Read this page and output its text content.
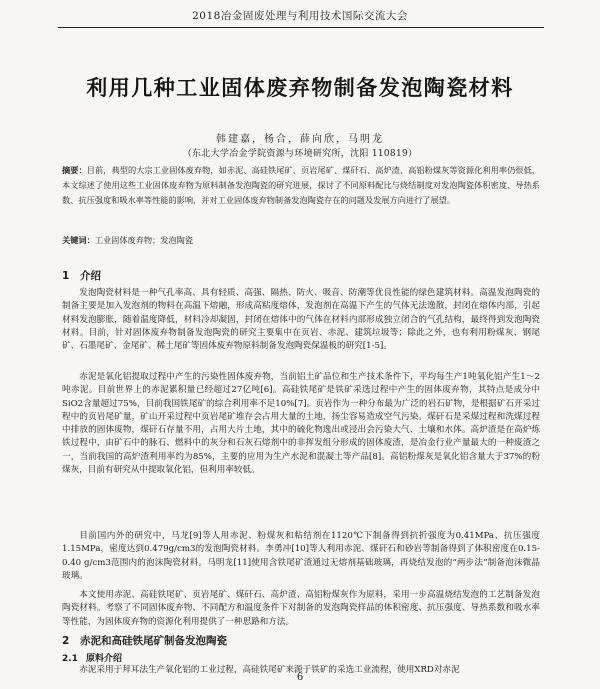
2018冶金固废处理与利用技术国际交流大会
利用几种工业固体废弃物制备发泡陶瓷材料
韩建嘉，杨合，薛向欣，马明龙
（东北大学冶金学院资源与环境研究所，沈阳 110819）
摘要：目前，典型的大宗工业固体废弃物，如赤泥、高硅铁尾矿、页岩尾矿、煤矸石、高炉渣、高铝粉煤灰等资源化利用率仍很低，本文综述了使用这些工业固体废弃物为原料制备发泡陶瓷的研究进展，探讨了不同原料配比与烧结制度对发泡陶瓷体积密度、导热系数、抗压强度和吸水率等性能的影响，并对工业固体废弃物制备发泡陶瓷存在的问题及发展方向进行了展望。
关键词：工业固体废弃物；发泡陶瓷
1 介绍

发泡陶瓷材料是一种气孔率高、具有轻质、高强、隔热、防火、吸音、防潮等优良性能的绿色建筑材料。高温发泡陶瓷的制备主要是加入发泡剂的物料在高温下熔融，形成高粘度熔体，发泡剂在高温下产生的气体无法逸散，封闭在熔体内部，引起材料发泡膨胀，随着温度降低，材料冷却凝固，封闭在熔体中的气体在材料内部形成独立闭合的气孔结构，最终得到发泡陶瓷材料。目前，针对固体废弃物制备发泡陶瓷的研究主要集中在页岩、赤泥、建筑垃圾等；除此之外，也有利用粉煤灰、钢尾矿、石墨尾矿、金尾矿、稀土尾矿等固体废弃物原料制备发泡陶瓷保温板的研究[1-5]。

赤泥是氧化铝提取过程中产生的污染性固体废弃物，当前铝土矿品位和生产技术条件下，平均每生产1吨氧化铝产生1～2吨赤泥。目前世界上的赤泥累积量已经超过27亿吨[6]。高硅铁尾矿是铁矿采选过程中产生的固体废弃物，其特点是成分中SiO2含量超过75%，目前我国铁尾矿的综合利用率不足10%[7]。页岩作为一种分布最为广泛的岩石矿物，是根据矿石开采过程中的页岩尾矿量，矿山开采过程中页岩尾矿堆存会占用大量的土地，扬尘容易造成空气污染。煤矸石是采煤过程和洗煤过程中排放的固体废物，煤矸石存量不用，占用大片土地，其中的硫化物逸出或浸出会污染大气、土壤和水体。高炉渣是在高炉炼铁过程中，由矿石中的脉石、燃料中的灰分和石灰石熔剂中的非挥发组分形成的固体废渣，是冶金行业产量最大的一种废渣之一，当前我国的高炉渣利用率约为85%，主要的应用为生产水泥和混凝土等产品[8]。高铝粉煤灰是氧化铝含量大于37%的粉煤灰，目前有研究从中提取氧化铝，但利用率较低。

目前国内外的研究中，马龙[9]等人用赤泥、粉煤灰和粘结剂在1120℃下制备得到抗折强度为0.41MPa、抗压强度1.15MPa，密度达到0.479g/cm3的发泡陶瓷材料。李勇冲[10]等人利用赤泥、煤矸石和砂岩等制备得到了体积密度在0.15-0.40 g/cm3范围内的泡沫陶瓷材料。马明龙[11]使用含铁尾矿渣通过无熔剂基础玻璃，再烧结发泡的“两步法”制备泡沫微晶玻璃。

本文使用赤泥、高硅铁尾矿、页岩尾矿、煤矸石、高炉渣、高铝粉煤灰作为原料，采用一步高温烧结发泡的工艺制备发泡陶瓷材料。考察了不同固体废弃物、不同配方和温度条件下对制备的发泡陶瓷样品的体积密度、抗压强度、导热系数和吸水率等性能，为固体废弃物的资源化利用提供了一种思路和方法。

2 赤泥和高硅铁尾矿制备发泡陶瓷
2.1 原料介绍

赤泥采用于拜耳法生产氧化铝的工业过程，高硅铁尾矿来源于铁矿的采选工业流程，使用XRD对赤泥

6
